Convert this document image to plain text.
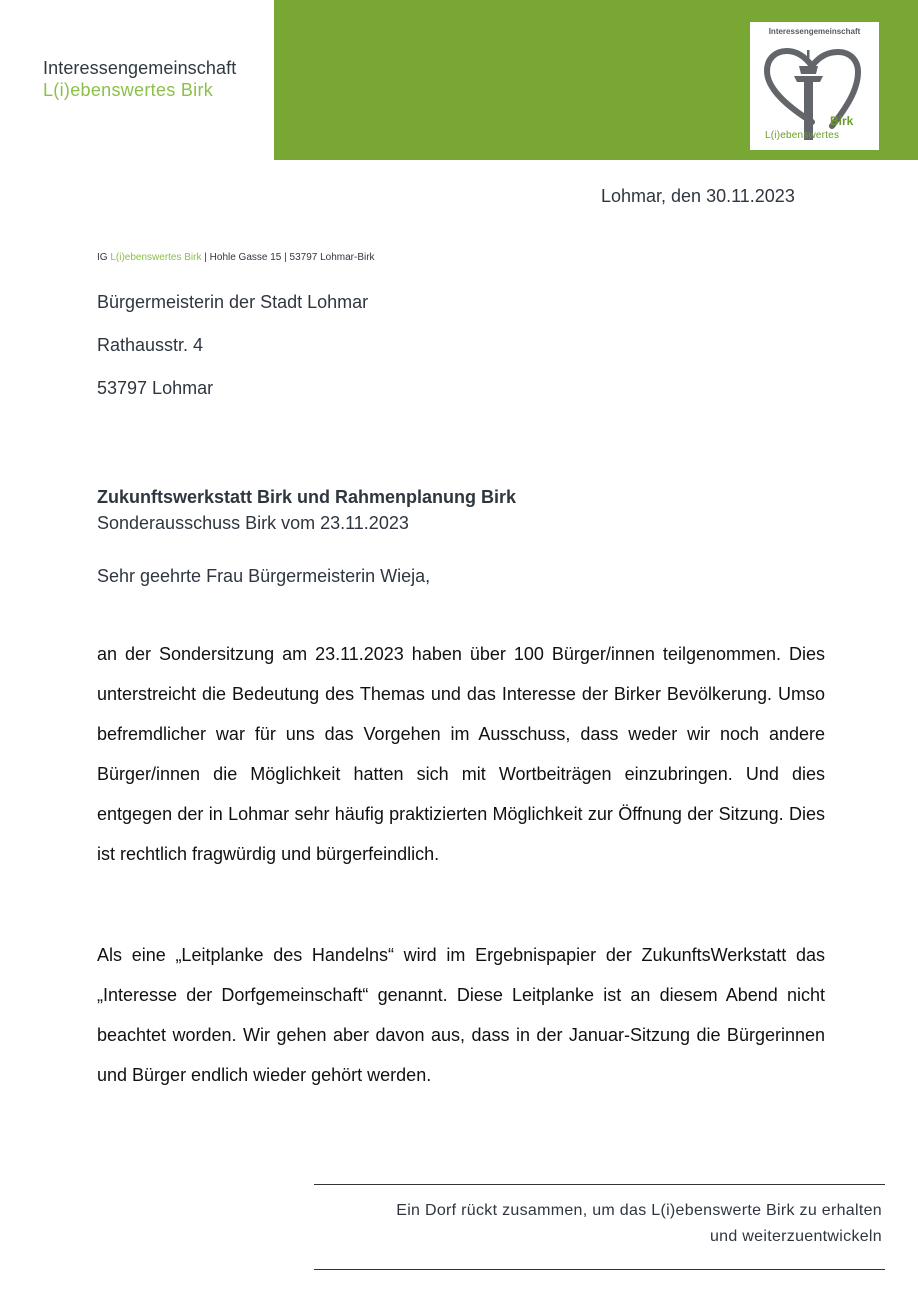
Interessengemeinschaft
L(i)ebenswertes Birk
Interessengemeinschaft
Birk
L(i)ebenswertes
Lohmar, den 30.11.2023
IG L(i)ebenswertes Birk | Hohle Gasse 15 | 53797 Lohmar-Birk
Bürgermeisterin der Stadt Lohmar
Rathausstr. 4
53797 Lohmar
Zukunftswerkstatt Birk und Rahmenplanung Birk
Sonderausschuss Birk vom 23.11.2023
Sehr geehrte Frau Bürgermeisterin Wieja,

an der Sondersitzung am 23.11.2023 haben über 100 Bürger/innen teilgenommen. Dies unterstreicht die Bedeutung des Themas und das Interesse der Birker Bevölkerung. Umso befremdlicher war für uns das Vorgehen im Ausschuss, dass weder wir noch andere Bürger/innen die Möglichkeit hatten sich mit Wortbeiträgen einzubringen. Und dies entgegen der in Lohmar sehr häufig praktizierten Möglichkeit zur Öffnung der Sitzung. Dies ist rechtlich fragwürdig und bürgerfeindlich.

Als eine „Leitplanke des Handelns“ wird im Ergebnispapier der ZukunftsWerkstatt das „Interesse der Dorfgemeinschaft“ genannt. Diese Leitplanke ist an diesem Abend nicht beachtet worden. Wir gehen aber davon aus, dass in der Januar-Sitzung die Bürgerinnen und Bürger endlich wieder gehört werden.

Ein Dorf rückt zusammen, um das L(i)ebenswerte Birk zu erhalten
und weiterzuentwickeln
